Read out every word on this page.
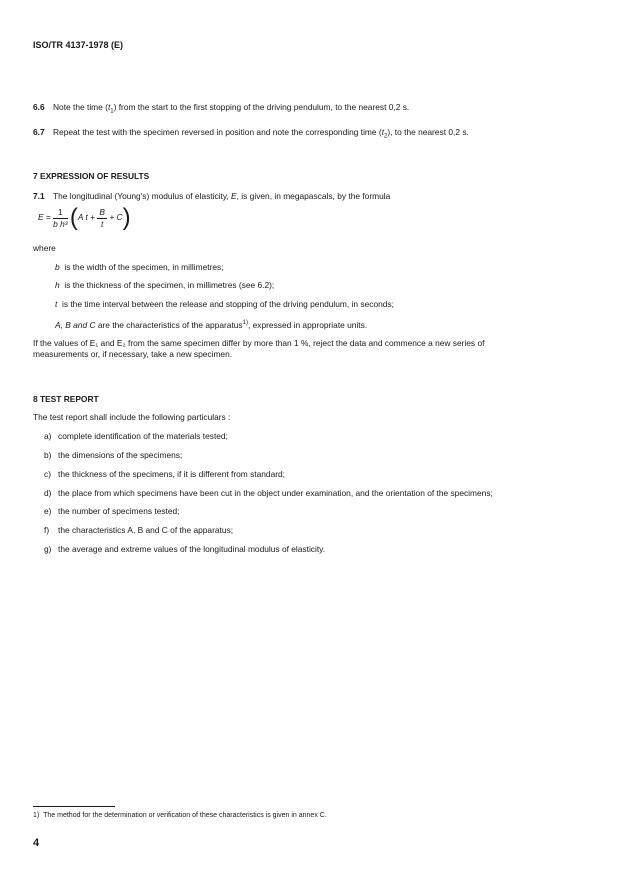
ISO/TR 4137-1978 (E)
6.6 Note the time $(t_1)$ from the start to the first stopping of the driving pendulum, to the nearest 0,2 s.
6.7 Repeat the test with the specimen reversed in position and note the corresponding time $(t_2)$, to the nearest 0,2 s.
7 EXPRESSION OF RESULTS
7.1 The longitudinal (Young's) modulus of elasticity, E, is given, in megapascals, by the formula
$E = \frac{1}{\text{b h³}} (A$ $t + \frac{B}{t} + C$)
where
b is the width of the specimen, in millimetres;
h is the thickness of the specimen, in millimetres (see 6.2);
t is the time interval between the release and stopping of the driving pendulum, in seconds;
A, B and C are the characteristics of the apparatus$^{1)}$, expressed in appropriate units.
If the values of E₁ and E₂ from the same specimen differ by more than 1 %, reject the data and commence a new series of
measurements or, if necessary, take a new specimen.
8 TEST REPORT
The test report shall include the following particulars :
a) complete identification of the materials tested;
b) the dimensions of the specimens;
c) the thickness of the specimens, if it is different from standard;
d) the place from which specimens have been cut in the object under examination, and the orientation of the specimens;
e) the number of specimens tested;
f) the characteristics A, B and C of the apparatus;
g) the average and extreme values of the longitudinal modulus of elasticity.
1) The method for the determination or verification of these characteristics is given in annex C.
4
